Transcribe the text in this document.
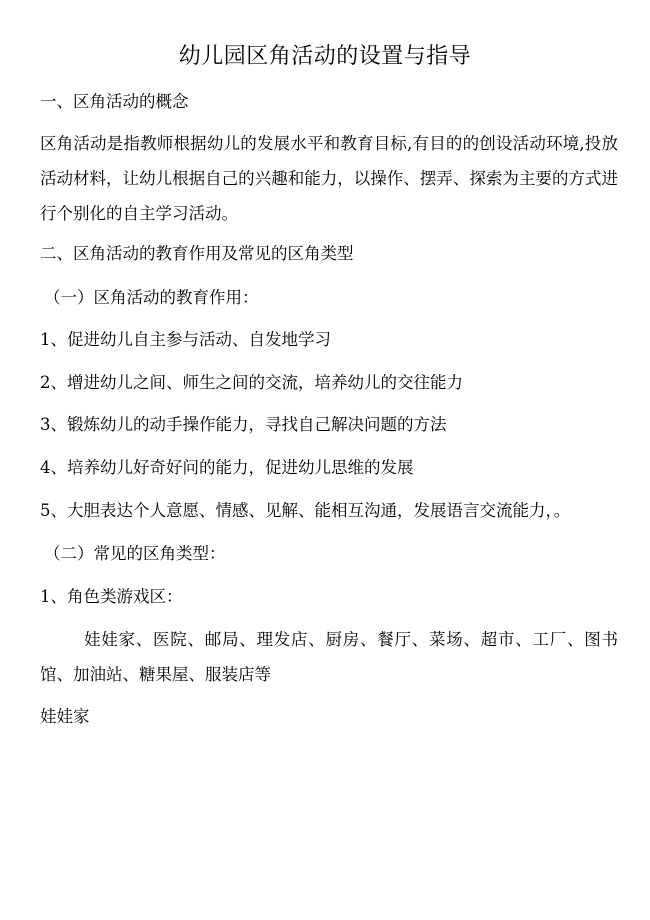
幼儿园区角活动的设置与指导
一、区角活动的概念
区角活动是指教师根据幼儿的发展水平和教育目标,有目的的创设活动环境,投放活动材料，让幼儿根据自己的兴趣和能力，以操作、摆弄、探索为主要的方式进行个别化的自主学习活动。
二、区角活动的教育作用及常见的区角类型
（一）区角活动的教育作用：
1、促进幼儿自主参与活动、自发地学习
2、增进幼儿之间、师生之间的交流，培养幼儿的交往能力
3、锻炼幼儿的动手操作能力，寻找自己解决问题的方法
4、培养幼儿好奇好问的能力，促进幼儿思维的发展
5、大胆表达个人意愿、情感、见解、能相互沟通，发展语言交流能力，。
（二）常见的区角类型：
1、角色类游戏区：
娃娃家、医院、邮局、理发店、厨房、餐厅、菜场、超市、工厂、图书馆、加油站、糖果屋、服装店等
娃娃家
